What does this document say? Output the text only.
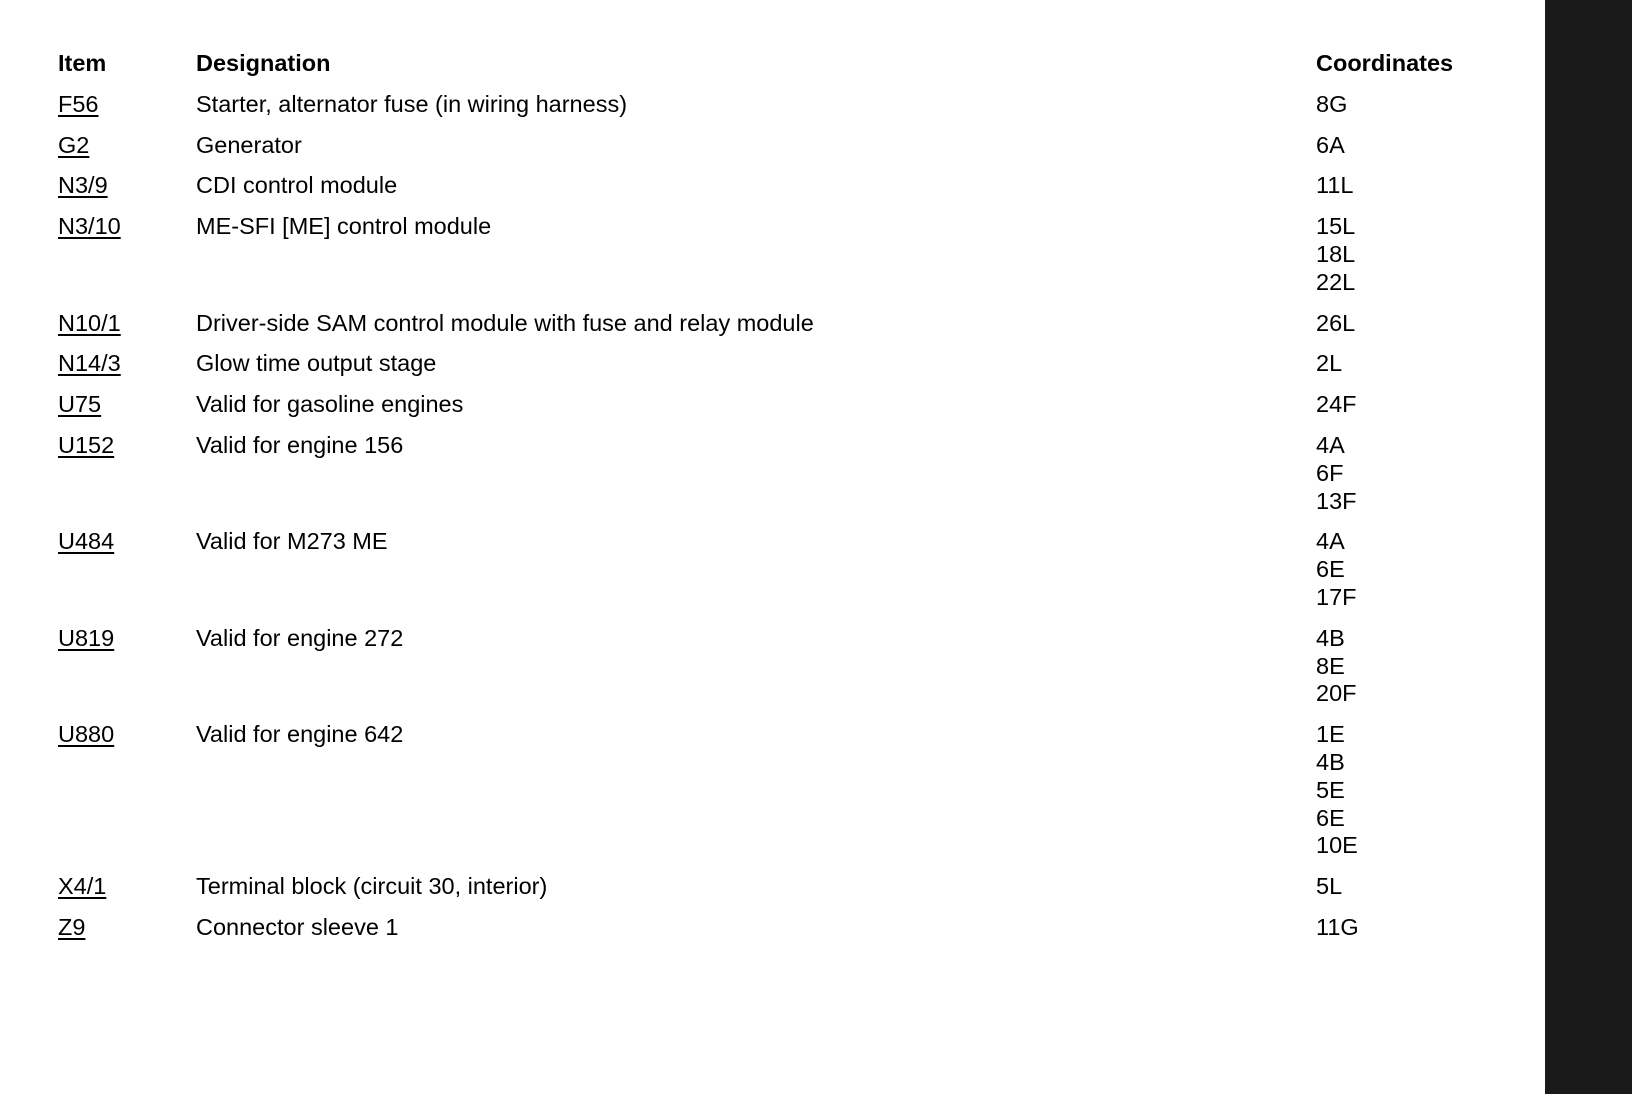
Item	Designation	Coordinates
F56	Starter, alternator fuse (in wiring harness)	8G

G2	Generator	6A

N3/9	CDI control module	11L

N3/10	ME-SFI [ME] control module	15L
18L
22L

N10/1	Driver-side SAM control module with fuse and relay module	26L

N14/3	Glow time output stage	2L

U75	Valid for gasoline engines	24F

U152	Valid for engine 156	4A
6F
13F

U484	Valid for M273 ME	4A
6E
17F

U819	Valid for engine 272	4B
8E
20F

U880	Valid for engine 642	1E
4B
5E
6E
10E

X4/1	Terminal block (circuit 30, interior)	5L

Z9	Connector sleeve 1	11G
